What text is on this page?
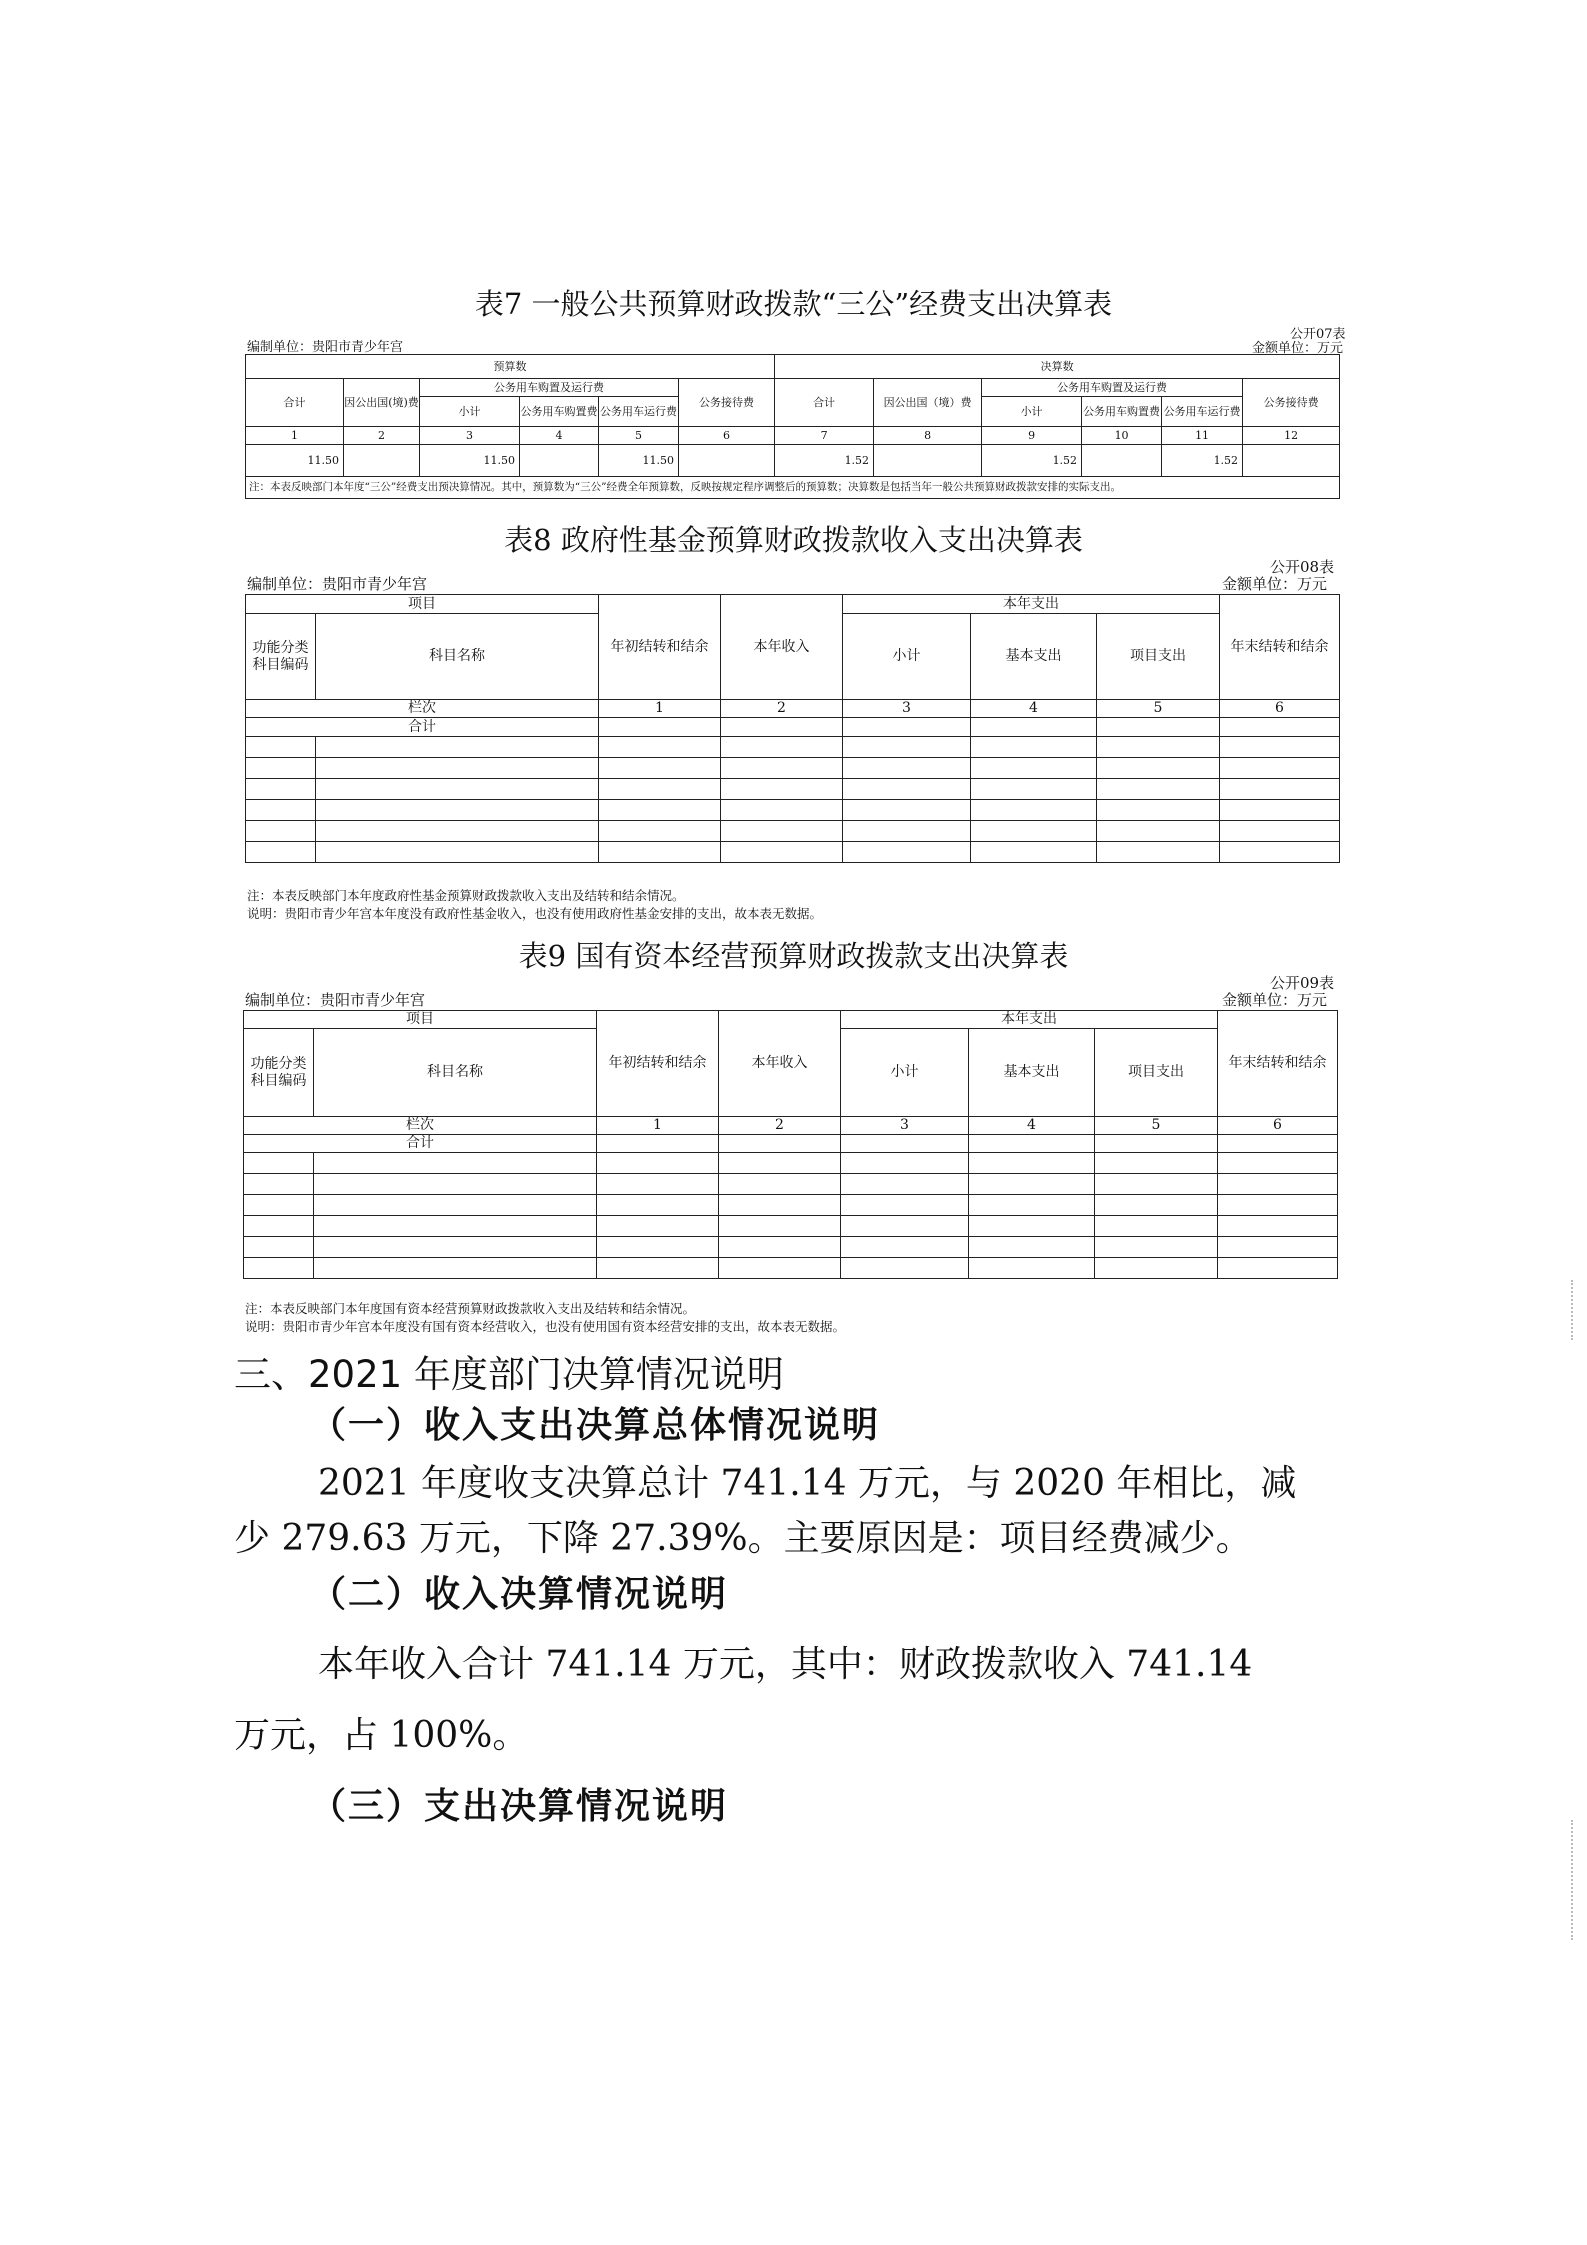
表7 一般公共预算财政拨款“三公”经费支出决算表
公开07表
编制单位：贵阳市青少年宫	金额单位：万元
预算数						决算数					
合计	因公出国(境)费	公务用车购置及运行费			公务接待费	合计	因公出国（境）费	公务用车购置及运行费			公务接待费
		小计	公务用车购置费	公务用车运行费				小计	公务用车购置费	公务用车运行费	
1	2	3	4	5	6	7	8	9	10	11	12
11.50		11.50		11.50		1.52		1.52		1.52	
注：本表反映部门本年度“三公”经费支出预决算情况。其中，预算数为“三公”经费全年预算数，反映按规定程序调整后的预算数；决算数是包括当年一般公共预算财政拨款安排的实际支出。											
表8 政府性基金预算财政拨款收入支出决算表
公开08表
编制单位：贵阳市青少年宫	金额单位：万元
项目		年初结转和结余	本年收入	本年支出			年末结转和结余
功能分类科目编码	科目名称			小计	基本支出	项目支出	
栏次		1	2	3	4	5	6
合计							

注：本表反映部门本年度政府性基金预算财政拨款收入支出及结转和结余情况。
说明：贵阳市青少年宫本年度没有政府性基金收入，也没有使用政府性基金安排的支出，故本表无数据。
表9 国有资本经营预算财政拨款支出决算表
公开09表
编制单位：贵阳市青少年宫	金额单位：万元
项目		年初结转和结余	本年收入	本年支出			年末结转和结余
功能分类科目编码	科目名称			小计	基本支出	项目支出	
栏次		1	2	3	4	5	6
合计							

注：本表反映部门本年度国有资本经营预算财政拨款收入支出及结转和结余情况。
说明：贵阳市青少年宫本年度没有国有资本经营收入，也没有使用国有资本经营安排的支出，故本表无数据。
三、2021 年度部门决算情况说明
（一）收入支出决算总体情况说明
2021 年度收支决算总计 741.14 万元，与 2020 年相比，减
少 279.63 万元，下降 27.39%。主要原因是：项目经费减少。
（二）收入决算情况说明
本年收入合计 741.14 万元，其中：财政拨款收入 741.14
万元，占 100%。
（三）支出决算情况说明
